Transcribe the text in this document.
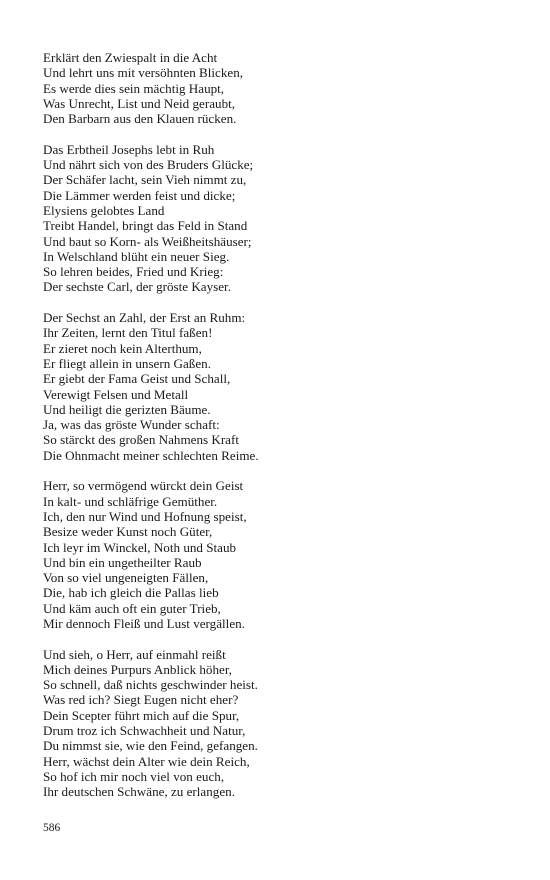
Erklärt den Zwiespalt in die Acht
Und lehrt uns mit versöhnten Blicken,
Es werde dies sein mächtig Haupt,
Was Unrecht, List und Neid geraubt,
Den Barbarn aus den Klauen rücken.
Das Erbtheil Josephs lebt in Ruh
Und nährt sich von des Bruders Glücke;
Der Schäfer lacht, sein Vieh nimmt zu,
Die Lämmer werden feist und dicke;
Elysiens gelobtes Land
Treibt Handel, bringt das Feld in Stand
Und baut so Korn- als Weißheitshäuser;
In Welschland blüht ein neuer Sieg.
So lehren beides, Fried und Krieg:
Der sechste Carl, der gröste Kayser.
Der Sechst an Zahl, der Erst an Ruhm:
Ihr Zeiten, lernt den Titul faßen!
Er zieret noch kein Alterthum,
Er fliegt allein in unsern Gaßen.
Er giebt der Fama Geist und Schall,
Verewigt Felsen und Metall
Und heiligt die gerizten Bäume.
Ja, was das gröste Wunder schaft:
So stärckt des großen Nahmens Kraft
Die Ohnmacht meiner schlechten Reime.
Herr, so vermögend würckt dein Geist
In kalt- und schläfrige Gemüther.
Ich, den nur Wind und Hofnung speist,
Besize weder Kunst noch Güter,
Ich leyr im Winckel, Noth und Staub
Und bin ein ungetheilter Raub
Von so viel ungeneigten Fällen,
Die, hab ich gleich die Pallas lieb
Und käm auch oft ein guter Trieb,
Mir dennoch Fleiß und Lust vergällen.
Und sieh, o Herr, auf einmahl reißt
Mich deines Purpurs Anblick höher,
So schnell, daß nichts geschwinder heist.
Was red ich? Siegt Eugen nicht eher?
Dein Scepter führt mich auf die Spur,
Drum troz ich Schwachheit und Natur,
Du nimmst sie, wie den Feind, gefangen.
Herr, wächst dein Alter wie dein Reich,
So hof ich mir noch viel von euch,
Ihr deutschen Schwäne, zu erlangen.
586
